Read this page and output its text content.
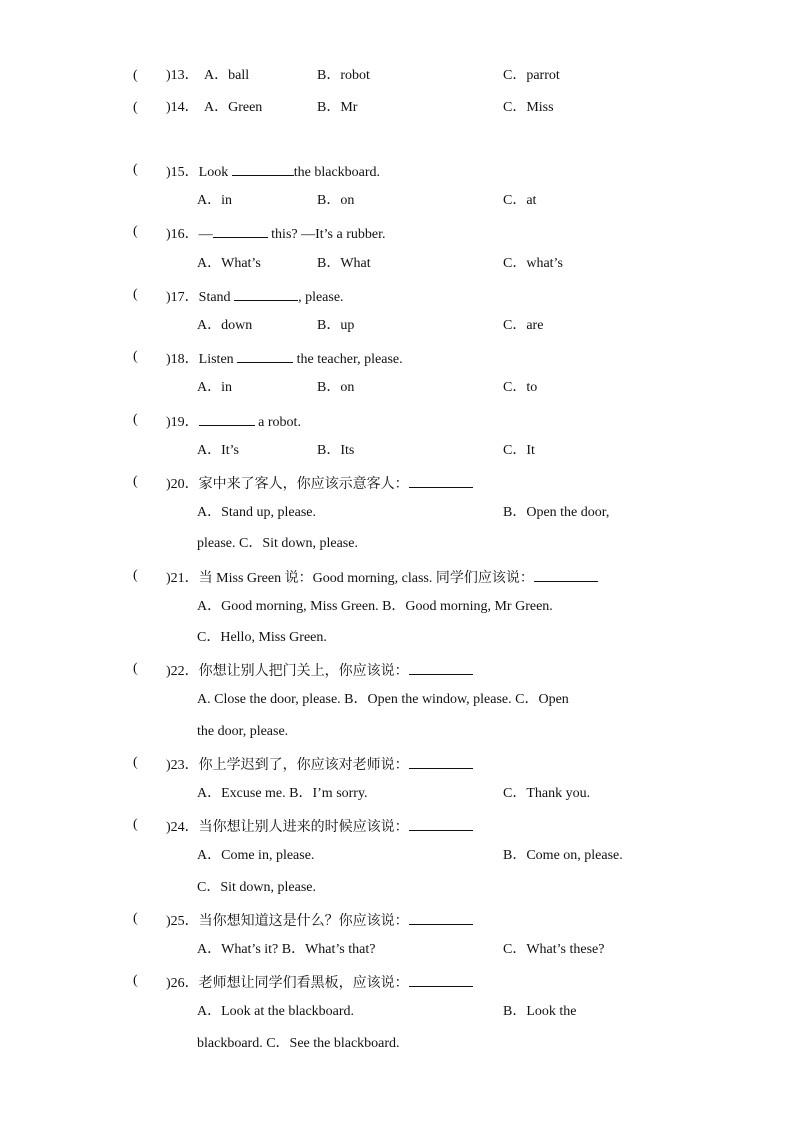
( )13． A．ball	B．robot	C．parrot
( )14． A．Green	B．Mr	C．Miss
( )15．Look	the blackboard.
A．in	B．on	C．at
( )16．—	this? —It’s a rubber.
A．What’s	B．What	C．what’s
( )17．Stand	, please.
A．down	B．up	C．are
( )18．Listen	the teacher, please.
A．in	B．on	C．to
( )19．	a robot.
A．It’s	B．Its	C．It
( )20．家中来了客人，你应该示意客人：
A．Stand up, please.	B．Open the door,
please. C．Sit down, please.
( )21．当 Miss Green 说：Good morning, class. 同学们应该说：
A．Good morning, Miss Green. B．Good morning, Mr Green.
C．Hello, Miss Green.
( )22．你想让别人把门关上，你应该说：
A. Close the door, please. B．Open the window, please. C．Open
the door, please.
( )23．你上学迟到了，你应该对老师说：
A．Excuse me. B．I’m sorry.	C．Thank you.
( )24．当你想让别人进来的时候应该说：
A．Come in, please.	B．Come on, please.
C．Sit down, please.
( )25．当你想知道这是什么？你应该说：
A．What’s it? B．What’s that?	C．What’s these?
( )26．老师想让同学们看黑板，应该说：
A．Look at the blackboard.	B．Look the
blackboard. C．See the blackboard.
